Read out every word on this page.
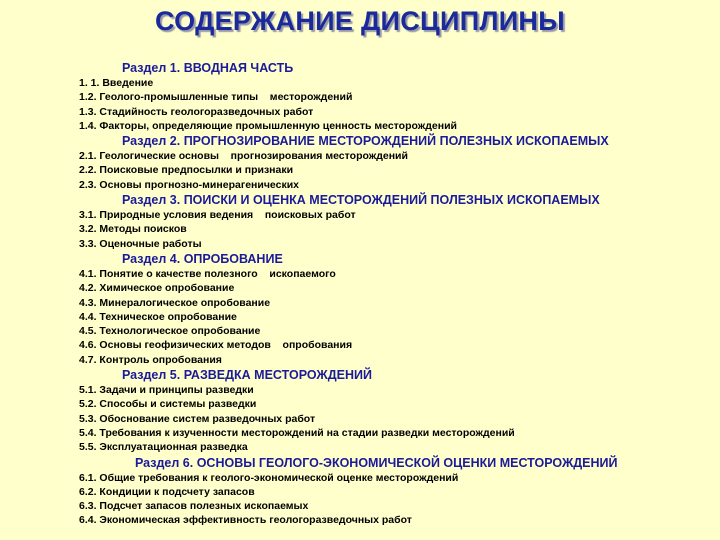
СОДЕРЖАНИЕ ДИСЦИПЛИНЫ
Раздел 1. ВВОДНАЯ ЧАСТЬ
1. 1. Введение
1.2. Геолого-промышленные типы    месторождений
1.3. Стадийность геологоразведочных работ
1.4. Факторы, определяющие промышленную ценность месторождений
Раздел 2. ПРОГНОЗИРОВАНИЕ МЕСТОРОЖДЕНИЙ ПОЛЕЗНЫХ ИСКОПАЕМЫХ
2.1. Геологические основы    прогнозирования месторождений
2.2. Поисковые предпосылки и признаки
2.3. Основы прогнозно-минерагенических
Раздел 3. ПОИСКИ И ОЦЕНКА МЕСТОРОЖДЕНИЙ ПОЛЕЗНЫХ ИСКОПАЕМЫХ
3.1. Природные условия ведения    поисковых работ
3.2. Методы поисков
3.3. Оценочные работы
Раздел 4. ОПРОБОВАНИЕ
4.1. Понятие о качестве полезного    ископаемого
4.2. Химическое опробование
4.3. Минералогическое опробование
4.4. Техническое опробование
4.5. Технологическое опробование
4.6. Основы геофизических методов    опробования
4.7. Контроль опробования
Раздел 5. РАЗВЕДКА МЕСТОРОЖДЕНИЙ
5.1. Задачи и принципы разведки
5.2. Способы и системы разведки
5.3. Обоснование систем разведочных работ
5.4. Требования к изученности месторождений на стадии разведки месторождений
5.5. Эксплуатационная разведка
Раздел 6. ОСНОВЫ ГЕОЛОГО-ЭКОНОМИЧЕСКОЙ ОЦЕНКИ МЕСТОРОЖДЕНИЙ
6.1. Общие требования к геолого-экономической оценке месторождений
6.2. Кондиции к подсчету запасов
6.3. Подсчет запасов полезных ископаемых
6.4. Экономическая эффективность геологоразведочных работ
